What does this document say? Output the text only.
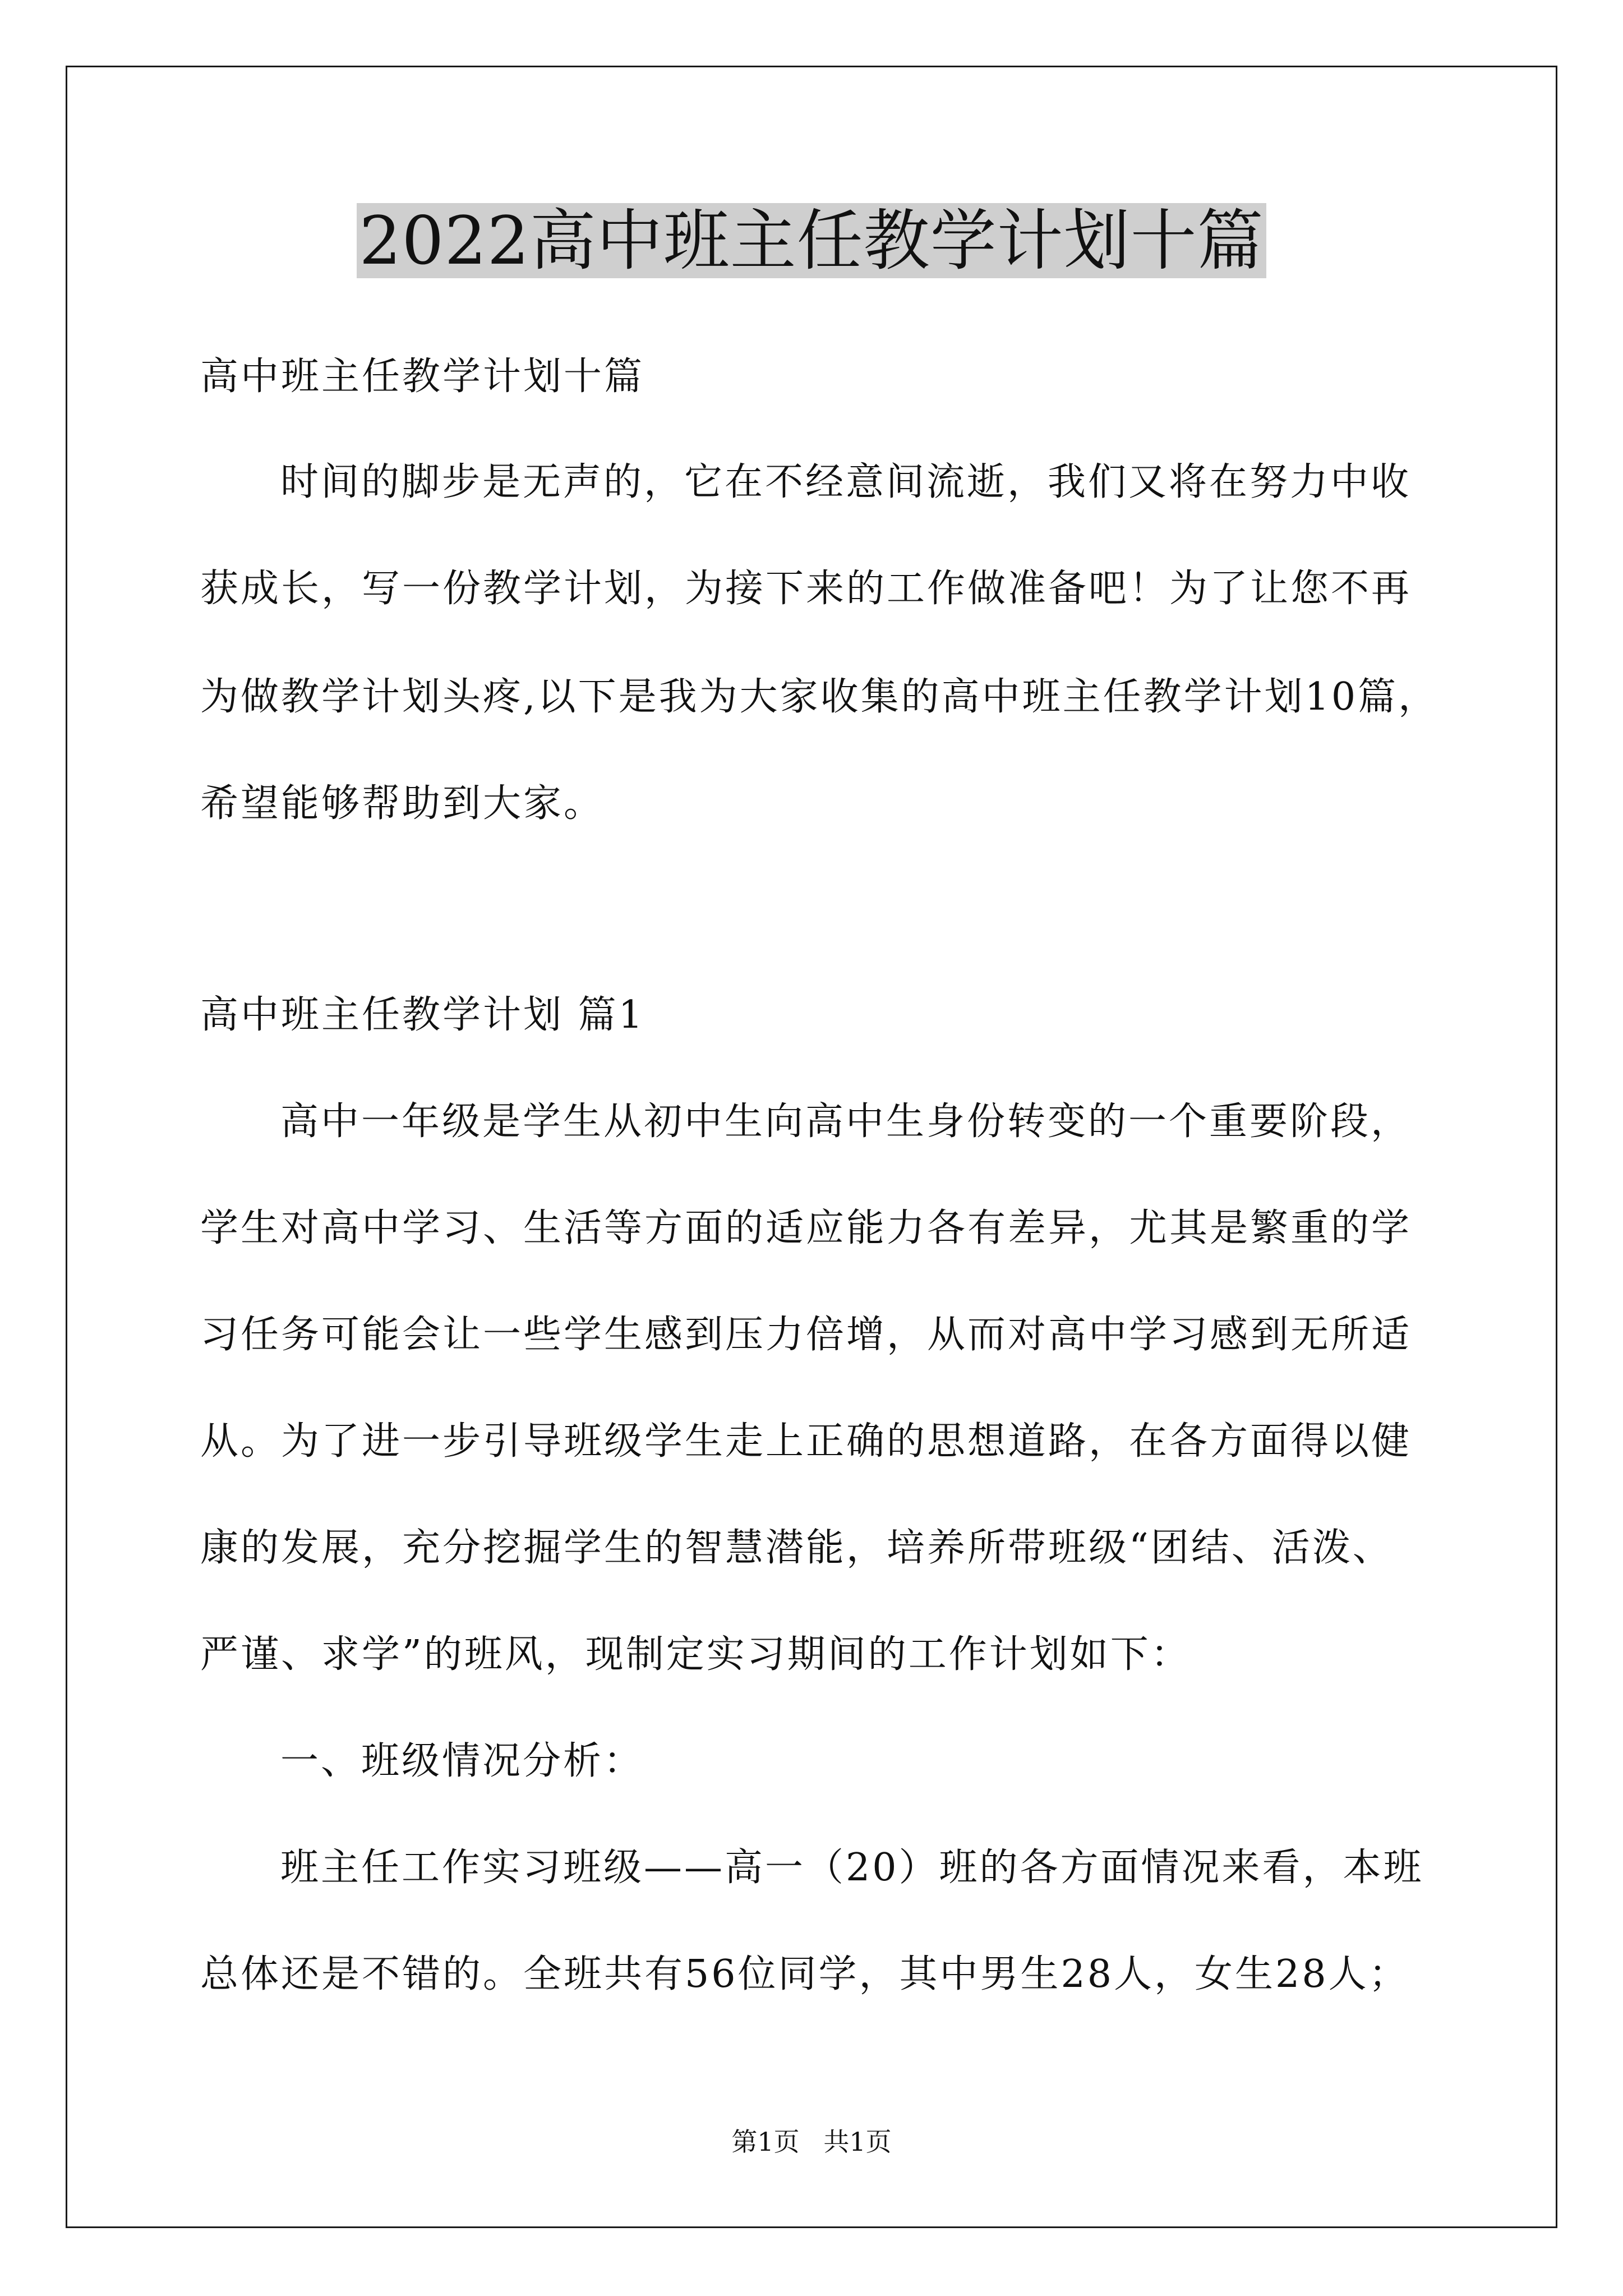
2022高中班主任教学计划十篇
高中班主任教学计划十篇
时间的脚步是无声的，它在不经意间流逝，我们又将在努力中收
获成长，写一份教学计划，为接下来的工作做准备吧！为了让您不再
为做教学计划头疼,以下是我为大家收集的高中班主任教学计划10篇，
希望能够帮助到大家。
高中班主任教学计划 篇1
高中一年级是学生从初中生向高中生身份转变的一个重要阶段，
学生对高中学习、生活等方面的适应能力各有差异，尤其是繁重的学
习任务可能会让一些学生感到压力倍增，从而对高中学习感到无所适
从。为了进一步引导班级学生走上正确的思想道路，在各方面得以健
康的发展，充分挖掘学生的智慧潜能，培养所带班级“团结、活泼、
严谨、求学”的班风，现制定实习期间的工作计划如下：
一、班级情况分析：
班主任工作实习班级——高一（20）班的各方面情况来看，本班
总体还是不错的。全班共有56位同学，其中男生28人，女生28人；
第1页 共1页
